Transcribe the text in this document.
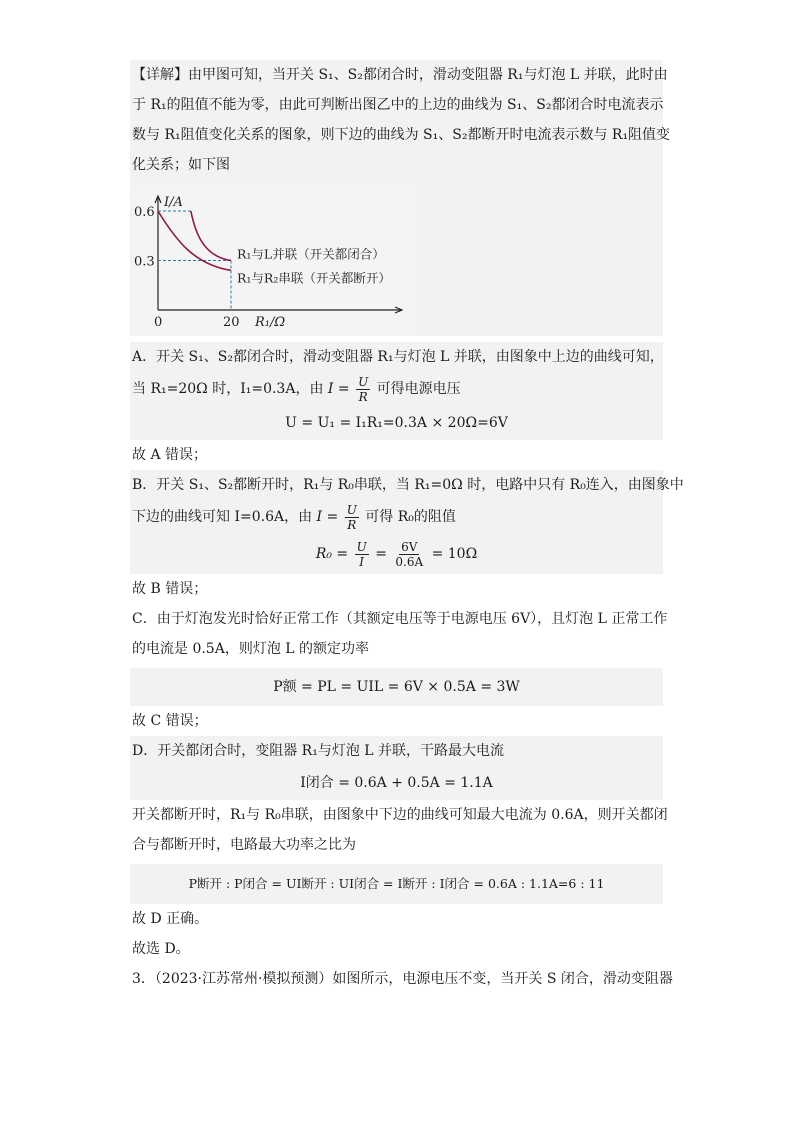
【详解】由甲图可知，当开关 S₁、S₂都闭合时，滑动变阻器 R₁与灯泡 L 并联，此时由
于 R₁的阻值不能为零，由此可判断出图乙中的上边的曲线为 S₁、S₂都闭合时电流表示
数与 R₁阻值变化关系的图象，则下边的曲线为 S₁、S₂都断开时电流表示数与 R₁阻值变
化关系；如下图
0.6
0.3
0	20
I/A
R₁/Ω
R₁与L并联（开关都闭合）
R₁与R₂串联（开关都断开）
A．开关 S₁、S₂都闭合时，滑动变阻器 R₁与灯泡 L 并联，由图象中上边的曲线可知，
当 R₁=20Ω 时，I₁=0.3A，由 $I = \frac{U}{R}$ 可得电源电压
U = U₁ = I₁R₁=0.3A × 20Ω=6V
故 A 错误；
B．开关 S₁、S₂都断开时，R₁与 R₀串联，当 R₁=0Ω 时，电路中只有 R₀连入，由图象中
下边的曲线可知 I=0.6A，由 $I = \frac{U}{R}$ 可得 R₀的阻值
$R_0 = \frac{U}{I} = \frac{6V}{0.6A} = 10\Omega$
故 B 错误；
C．由于灯泡发光时恰好正常工作（其额定电压等于电源电压 6V），且灯泡 L 正常工作
的电流是 0.5A，则灯泡 L 的额定功率
P额 = PL = UIL = 6V × 0.5A = 3W
故 C 错误；
D．开关都闭合时，变阻器 R₁与灯泡 L 并联，干路最大电流
I闭合 = 0.6A + 0.5A = 1.1A
开关都断开时，R₁与 R₀串联，由图象中下边的曲线可知最大电流为 0.6A，则开关都闭
合与都断开时，电路最大功率之比为
P断开 : P闭合 = UI断开 : UI闭合 = I断开 : I闭合 = 0.6A : 1.1A=6 : 11
故 D 正确。
故选 D。
3．（2023·江苏常州·模拟预测）如图所示，电源电压不变，当开关 S 闭合，滑动变阻器
